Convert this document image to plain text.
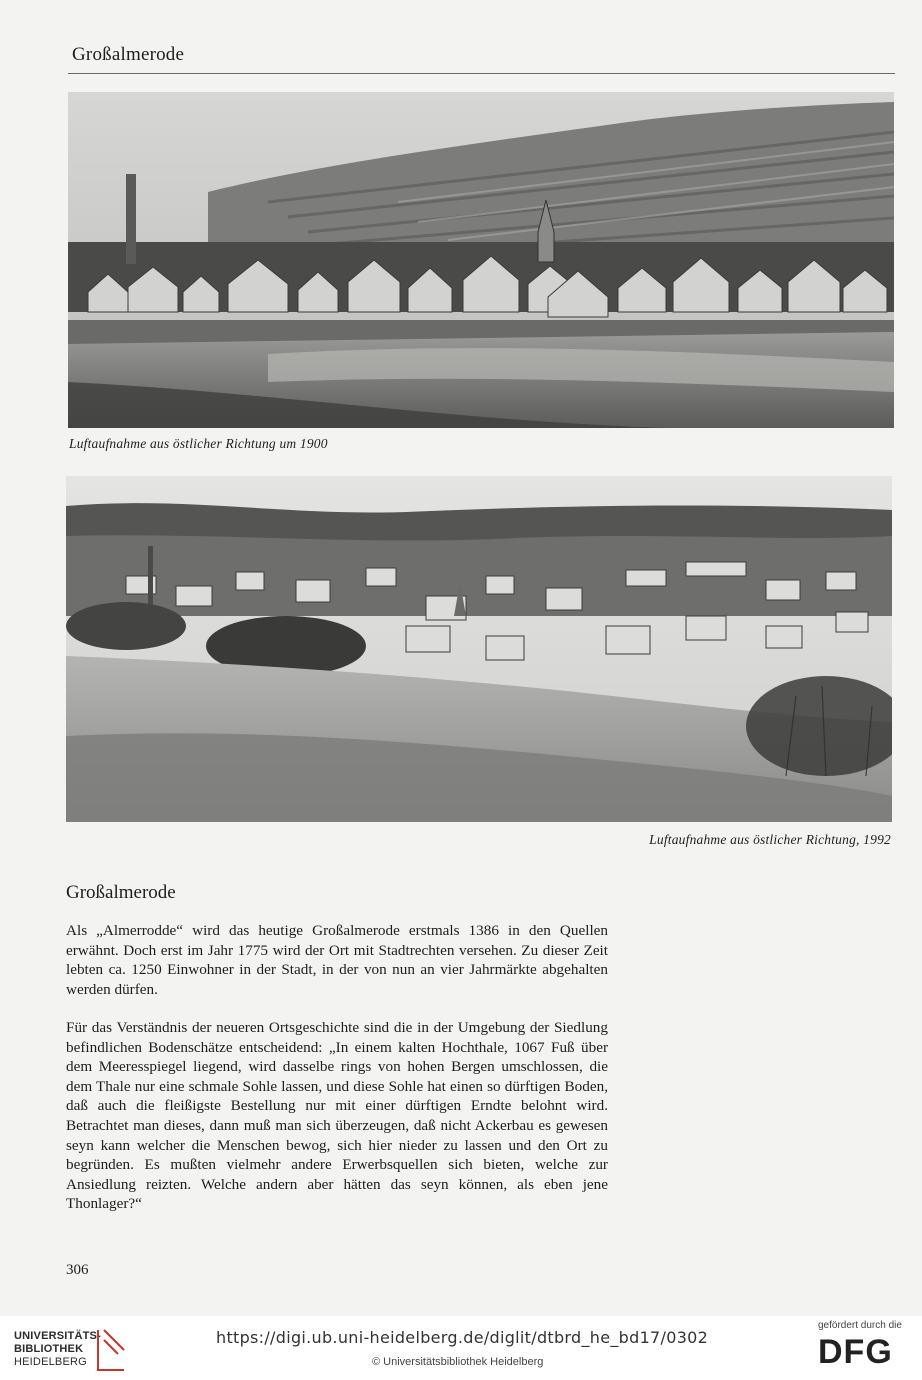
Großalmerode
Luftaufnahme aus östlicher Richtung um 1900
Luftaufnahme aus östlicher Richtung, 1992
Großalmerode
Als „Almerrodde“ wird das heutige Großalmerode erstmals 1386 in den Quellen erwähnt. Doch erst im Jahr 1775 wird der Ort mit Stadtrechten versehen. Zu dieser Zeit lebten ca. 1250 Einwohner in der Stadt, in der von nun an vier Jahrmärkte abgehalten werden dürfen.
Für das Verständnis der neueren Ortsgeschichte sind die in der Umgebung der Siedlung befindlichen Bodenschätze entscheidend: „In einem kalten Hochthale, 1067 Fuß über dem Meeresspiegel liegend, wird dasselbe rings von hohen Bergen umschlossen, die dem Thale nur eine schmale Sohle lassen, und diese Sohle hat einen so dürftigen Boden, daß auch die fleißigste Bestellung nur mit einer dürftigen Erndte belohnt wird. Betrachtet man dieses, dann muß man sich überzeugen, daß nicht Ackerbau es gewesen seyn kann welcher die Menschen bewog, sich hier nieder zu lassen und den Ort zu begründen. Es mußten vielmehr andere Erwerbsquellen sich bieten, welche zur Ansiedlung reizten. Welche andern aber hätten das seyn können, als eben jene Thonlager?“
306
UNIVERSITÄTS-
BIBLIOTHEK
HEIDELBERG
https://digi.ub.uni-heidelberg.de/diglit/dtbrd_he_bd17/0302
© Universitätsbibliothek Heidelberg
gefördert durch die
DFG
